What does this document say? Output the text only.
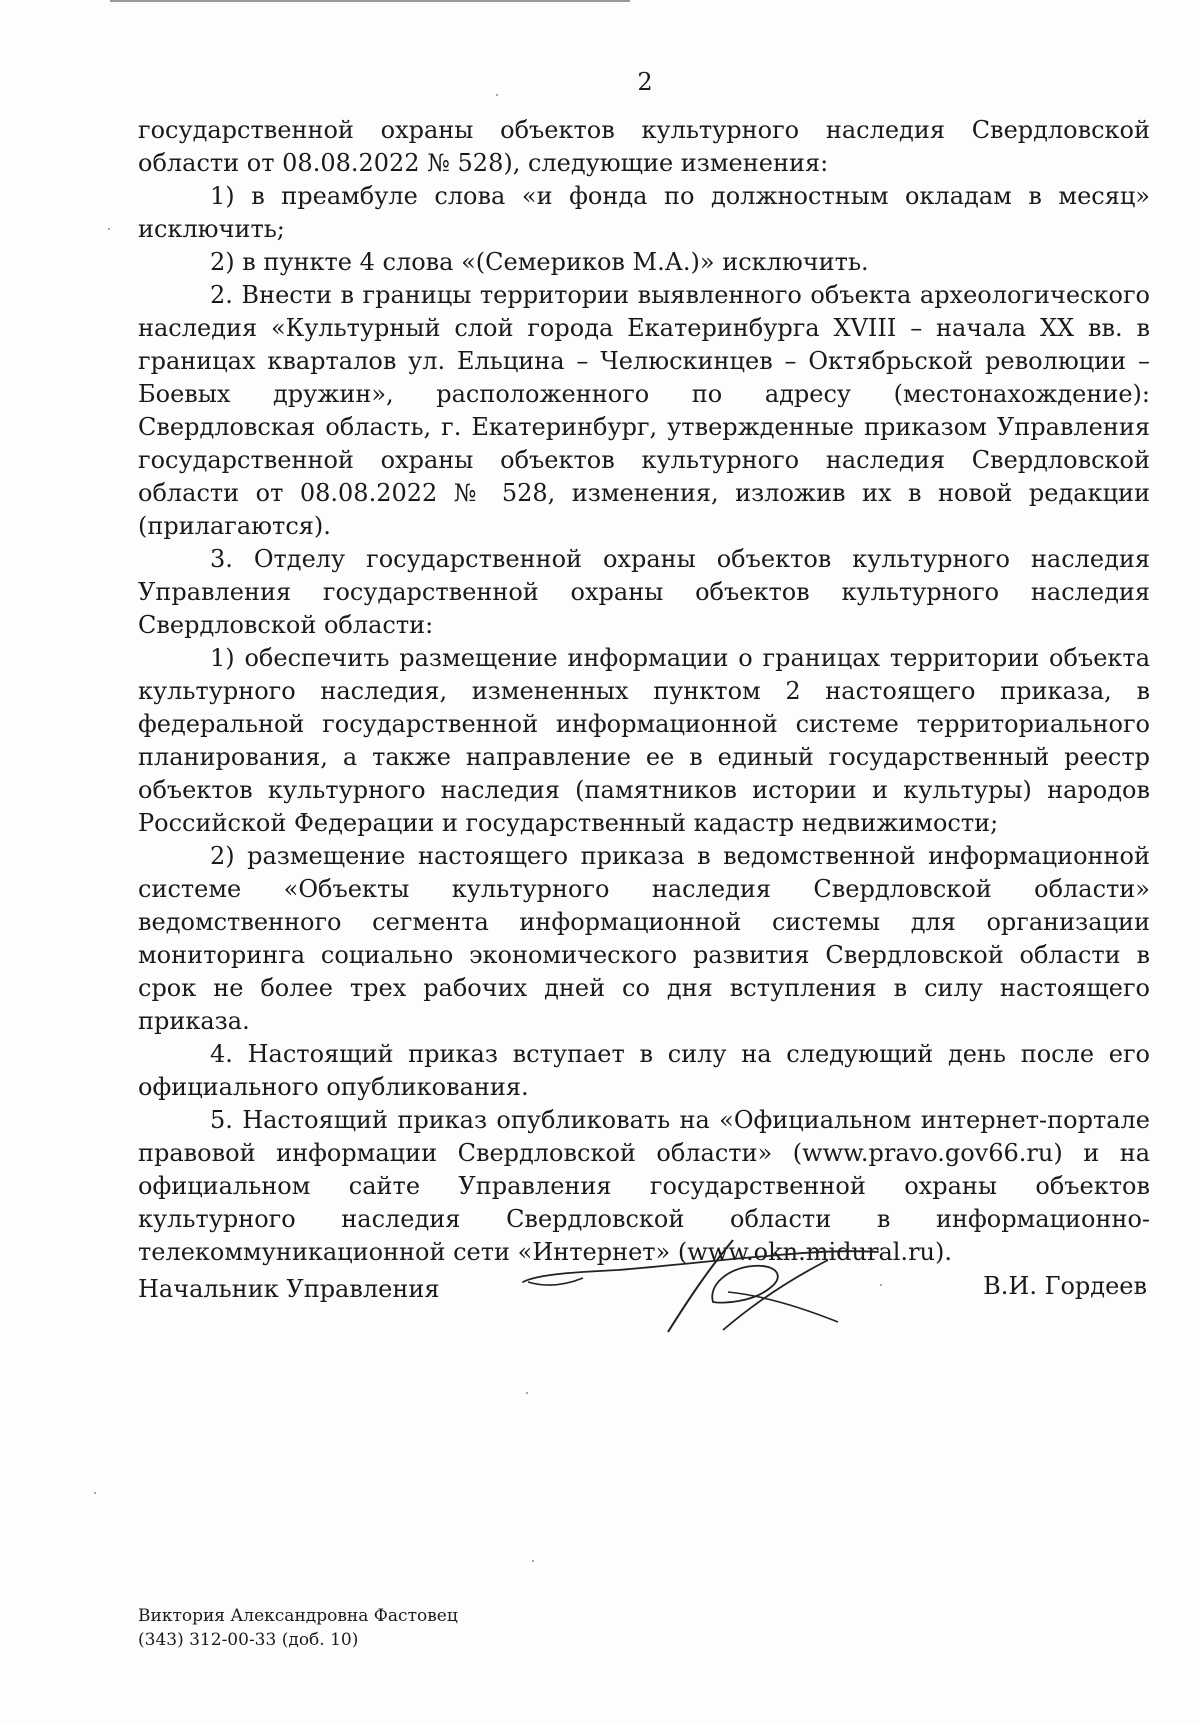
2

государственной охраны объектов культурного наследия Свердловской области от 08.08.2022 № 528), следующие изменения:

1) в преамбуле слова «и фонда по должностным окладам в месяц» исключить;

2) в пункте 4 слова «(Семериков М.А.)» исключить.

2. Внести в границы территории выявленного объекта археологического наследия «Культурный слой города Екатеринбурга XVIII – начала XX вв. в границах кварталов ул. Ельцина – Челюскинцев – Октябрьской революции – Боевых дружин», расположенного по адресу (местонахождение): Свердловская область, г. Екатеринбург, утвержденные приказом Управления государственной охраны объектов культурного наследия Свердловской области от 08.08.2022 № 528, изменения, изложив их в новой редакции (прилагаются).

3. Отделу государственной охраны объектов культурного наследия Управления государственной охраны объектов культурного наследия Свердловской области:

1) обеспечить размещение информации о границах территории объекта культурного наследия, измененных пунктом 2 настоящего приказа, в федеральной государственной информационной системе территориального планирования, а также направление ее в единый государственный реестр объектов культурного наследия (памятников истории и культуры) народов Российской Федерации и государственный кадастр недвижимости;

2) размещение настоящего приказа в ведомственной информационной системе «Объекты культурного наследия Свердловской области» ведомственного сегмента информационной системы для организации мониторинга социально экономического развития Свердловской области в срок не более трех рабочих дней со дня вступления в силу настоящего приказа.

4. Настоящий приказ вступает в силу на следующий день после его официального опубликования.

5. Настоящий приказ опубликовать на «Официальном интернет-портале правовой информации Свердловской области» (www.pravo.gov66.ru) и на официальном сайте Управления государственной охраны объектов культурного наследия Свердловской области в информационно-телекоммуникационной сети «Интернет» (www.okn.midural.ru).

Начальник Управления	В.И. Гордеев
Виктория Александровна Фастовец
(343) 312-00-33 (доб. 10)
